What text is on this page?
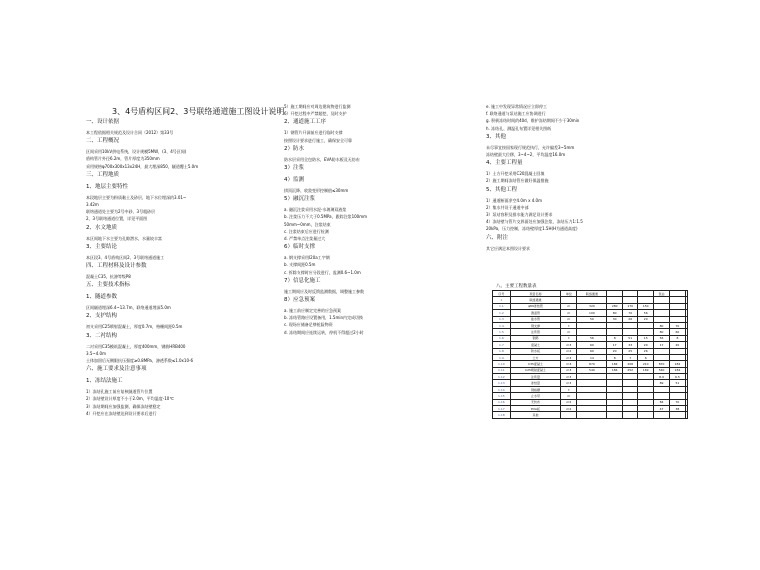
3、4号盾构区间2、3号联络通道施工图设计说明

一、设计依据

本工程依据相关规范及设计合同（2012）第33号

二、工程概况

区间采用10kV供电系统，设计规模5MW，(3、4号区间)

盾构管片外径6.2m，管片厚度为350mm

采用规格φ700x300x13x24H，最大埋深850，隧道覆土5.0m

三、工程地质

1、地层主要特性

本段地层主要为粉质黏土及砂层，地下水位埋深约3.01~

3.42m

联络通道处主要为2号中砂、3号粗砂层

2、3号联络通道位置，详见平面图

2、水文地质

本区间地下水主要为孔隙潜水，水量较丰富

3、主要结论

本区段3、4号盾构区间2、3号联络通道施工

四、工程材料及设计参数

混凝土C35，抗渗等级P8

五、主要技术指标

1、隧道参数

区间隧道埋深6.4~13.7m，联络通道埋深5.0m

2、支护结构

初支采用C25喷射混凝土，厚度0.7m，格栅间距0.5m

3、二衬结构

二衬采用C35模筑混凝土，厚度400mm，钢筋HRB400

3.5~4.0m

土体加固后无侧限抗压强度≥0.8MPa，渗透系数≤1.0x10-6

六、施工要求及注意事项

1、冻结法施工

1）冻结孔施工前应复核隧道管片位置

2）冻结壁设计厚度不小于2.0m，平均温度-10℃

3）冻结期间应加强监测，确保冻结壁稳定

4）开挖应在冻结壁达到设计要求后进行

5）施工期间应对周边建筑物进行监测

6）开挖过程中严禁超挖，及时支护

2、通道施工工序

1）钢管片开洞前应进行临时支撑

按照设计要求进行施工，确保安全可靠

2）防水

防水层采用全包防水，EVA防水板及无纺布

3）注浆

4）监测

拱顶沉降、收敛变形控制值≤30mm

5）融沉注浆

a. 融沉注浆采用水泥-水玻璃双液浆

b. 注浆压力不大于0.5MPa，跟踪注浆100mm

50mm~0mm，注浆结束

c. 注浆结束后应进行检测

d. 严禁单点注浆量过大

6）临时支撑

a. 钢支撑采用I20a工字钢

b. 支撑间距0.5m

c. 拆除支撑时应分段进行，监测0.6~1.0m

7）信息化施工

施工期间应及时反馈监测数据，调整施工参数

8）应急预案

a. 施工前应制定完善的应急预案

b. 冻结管路应设置备用，1.5min内完成切换

c. 现场应储备足够抢险物资

d. 冻结期间应连续运转，停机不得超过2小时

e. 施工中发现异常情况应立即停工

f. 联络通道与泵站施工应协调进行

g. 积极冻结时间约40d，维护冻结期间不少于30min

h. 冻结孔、测温孔布置详见相关图纸

3、其他

未尽事宜按国家现行规范执行，允许偏差3~5mm

冻结壁最大位移，3~4~2，平均温度16.0m

4、主要工程量

1）土方开挖采用C20混凝土回填

2）施工期间冻结管应做好保温措施

5、其他工程

1）通道断面净空4.0m x 4.0m

2）集水井设于通道中部

3）泵站容积及排水能力满足设计要求

4）冻结壁与管片交界面处应加强注浆，冻结压力1:1.5

20kPa，压力控制，冻结壁厚度1.5H(H为通道高度)

六、附注

其它应满足本图设计要求

八、主要工程数量表
序号	项目名称	单位	联络通道				泵站		
1	联络通道								
1.1	φ89冻结管	m	320	280	170	150			
1.2	测温管	m	100	80	70	56			
1.3	盐水管	m	50	30	26	20			
1.4	钢支撑	t					80	70	
1.5	注浆管	m					80	60	
1.6	钢筋	t	56	8	51	15	56	8	
1.7	混凝土	m3	60	17	33	20	17	20	
1.8	防水板	m2	69	20	25	26			
1.9	土方	m3	14	8	7	6			
1.10	C35混凝土	m3	870	184	208	210	870	184	
1.11	C25喷射混凝土	m3	540	184	252	169	540	184	
1.12	注浆量	m3					8.9	6.5	
1.13	冻结量	m3					89	51	
1.14	钢格栅	t							
1.15	止水带	m							
1.16	无纺布	m2					84	70	
1.17	EVA板	m2					47	38	
1.18	其他								
